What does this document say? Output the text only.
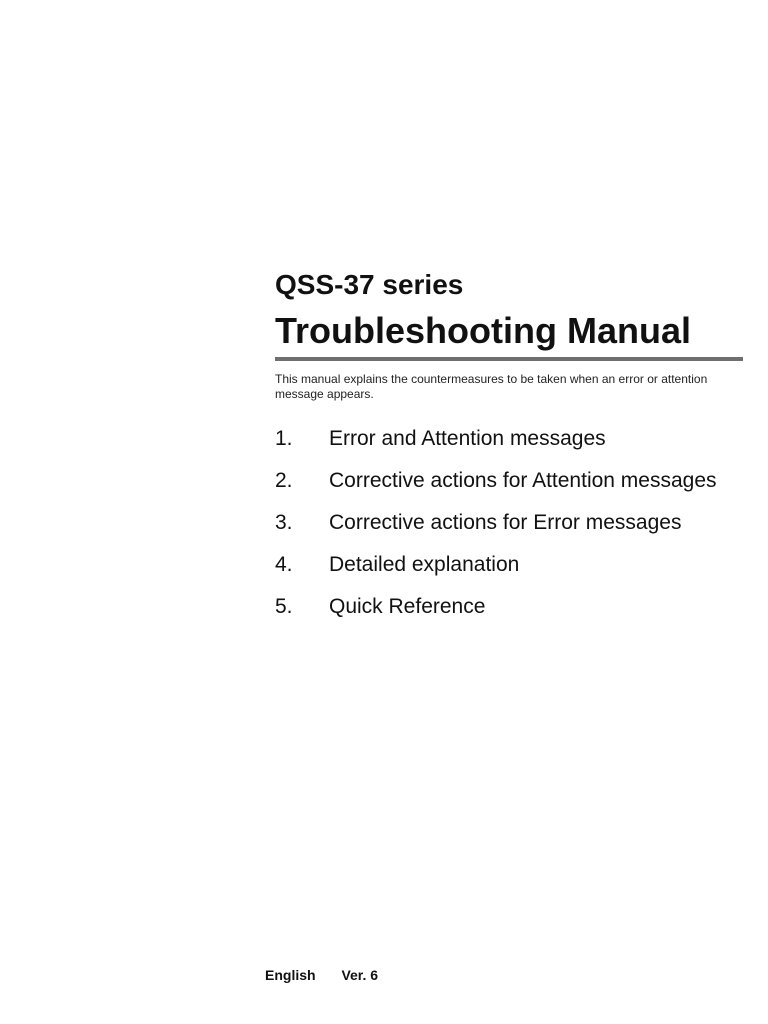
QSS-37 series
Troubleshooting Manual
This manual explains the countermeasures to be taken when an error or attention message appears.
1.	Error and Attention messages
2.	Corrective actions for Attention messages
3.	Corrective actions for Error messages
4.	Detailed explanation
5.	Quick Reference
English Ver. 6
